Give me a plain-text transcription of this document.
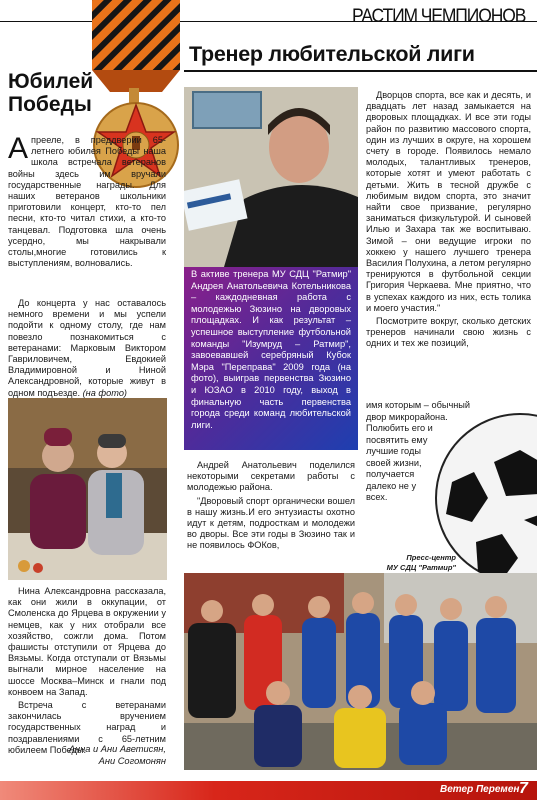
РАСТИМ ЧЕМПИОНОВ
Юбилей
Победы
А прееле, в преддверии 65-летнего юбилея Победы наша школа встречала ветеранов войны здесь им вручали государственные награды. Для наших ветеранов школьники приготовили концерт, кто-то пел песни, кто-то читал стихи, а кто-то танцевал. Подготовка шла очень усердно, мы накрывали столы,многие готовились к выступлениям, волновались.
До концерта у нас оставалось немного времени и мы успели подойти к одному столу, где нам повезло познакомиться с ветеранами: Марковым Виктором Гавриловичем, Евдокией Владимировной и Ниной Александровной, которые живут в одном подъезде. (на фото)

Нина Александровна рассказала, как они жили в оккупации, от Смоленска до Ярцева в окружении у немцев, как у них отобрали все хозяйство, сожгли дома. Потом фашисты отступили от Ярцева до Вязьмы. Когда отступали от Вязьмы выгнали мирное население на шоссе Москва–Минск и гнали под конвоем на Запад.

Встреча с ветеранами закончилась вручением государственных наград и поздравлениями с 65-летним юбилеем Победы.

Анна и Ани Аветисян,
Ани Согомонян
Тренер любительской лиги
В активе тренера МУ СДЦ "Ратмир" Андрея Анатольевича Котельникова – каждодневная работа с молодежью Зюзино на дворовых площадках. И как результат – успешное выступление футбольной команды "Изумруд – Ратмир", завоевавшей серебряный Кубок Мэра "Переправа" 2009 года (на фото), выиграв первенства Зюзино и ЮЗАО в 2010 году, выход в финальную часть первенства города среди команд любительской лиги.

Андрей Анатольевич поделился некоторыми секретами работы с молодежью района.

"Дворовый спорт органически вошел в нашу жизнь.И его энтузиасты охотно идут к детям, подросткам и молодежи во дворы. Все эти годы в Зюзино так и не появилось ФОКов,

Дворцов спорта, все как и десять, и двадцать лет назад замыкается на дворовых площадках. И все эти годы район по развитию массового спорта, один из лучших в округе, на хорошем счету в городе. Появилось немало молодых, талантливых тренеров, которые хотят и умеют работать с детьми. Жить в тесной дружбе с любимым видом спорта, это значит найти свое призвание, регулярно заниматься физкультурой. И сыновей Илью и Захара так же воспитываю. Зимой – они ведущие игроки по хоккею у нашего лучшего тренера Василия Полухина, а летом регулярно тренируются в футбольной секции Григория Черкаева. Мне приятно, что в успехах каждого из них, есть толика и моего участия."

Посмотрите вокруг, сколько детских тренеров начинали свою жизнь с одних и тех же позиций,

имя которым – обычный
двор микрорайона.
Полюбить его и
посвятить ему
лучшие годы
своей жизни,
получается
далеко не у
всех.
Пресс-центр
МУ СДЦ "Ратмир"
Ветер Перемен 7
